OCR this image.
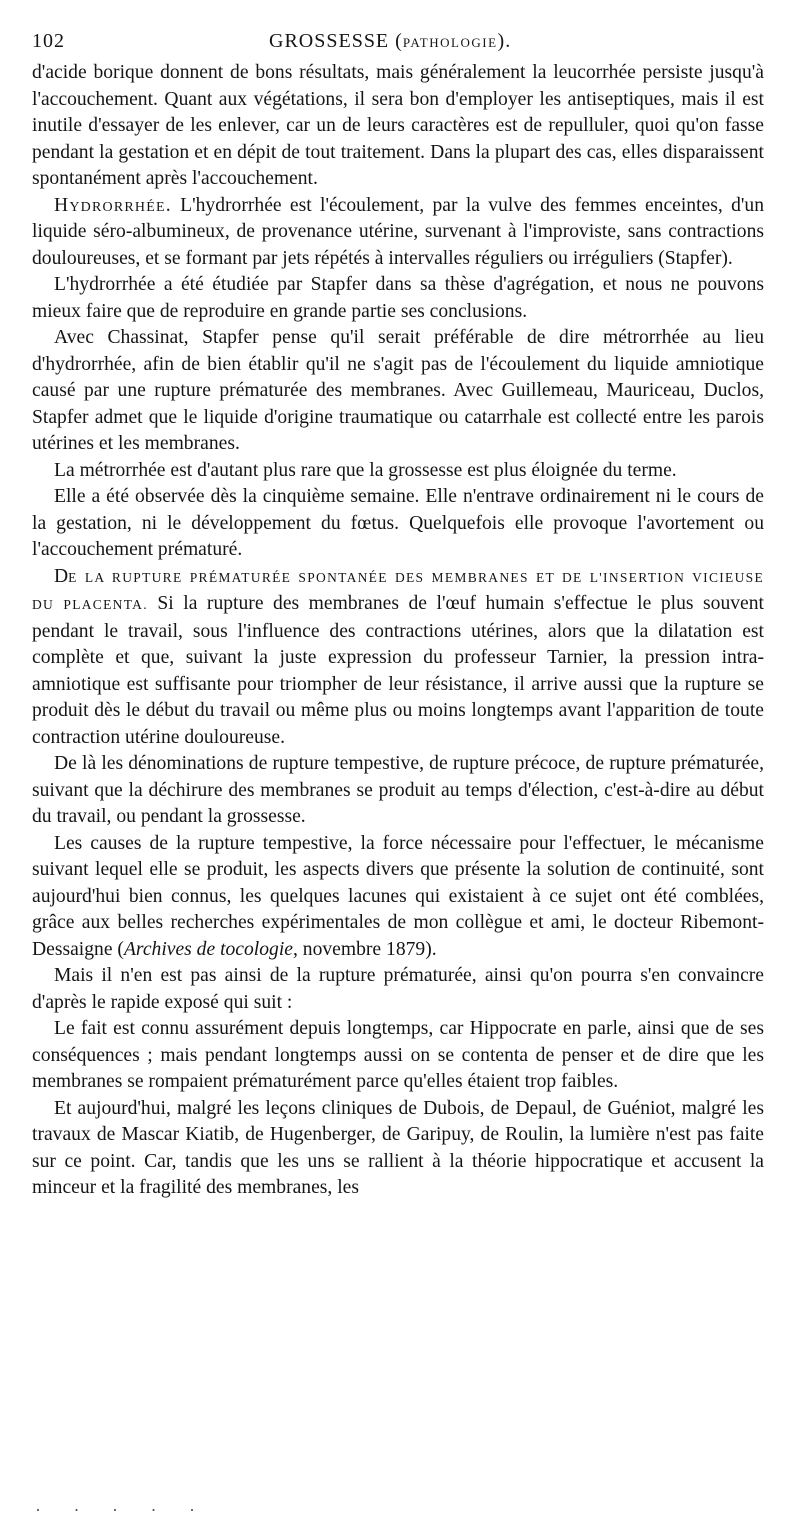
102	GROSSESSE (PATHOLOGIE).

d'acide borique donnent de bons résultats, mais généralement la leucorrhée persiste jusqu'à l'accouchement. Quant aux végétations, il sera bon d'employer les antiseptiques, mais il est inutile d'essayer de les enlever, car un de leurs caractères est de repulluler, quoi qu'on fasse pendant la gestation et en dépit de tout traitement. Dans la plupart des cas, elles disparaissent spontanément après l'accouchement.

Hydrorrhée. L'hydrorrhée est l'écoulement, par la vulve des femmes enceintes, d'un liquide séro-albumineux, de provenance utérine, survenant à l'improviste, sans contractions douloureuses, et se formant par jets répétés à intervalles réguliers ou irréguliers (Stapfer).

L'hydrorrhée a été étudiée par Stapfer dans sa thèse d'agrégation, et nous ne pouvons mieux faire que de reproduire en grande partie ses conclusions.

Avec Chassinat, Stapfer pense qu'il serait préférable de dire métrorrhée au lieu d'hydrorrhée, afin de bien établir qu'il ne s'agit pas de l'écoulement du liquide amniotique causé par une rupture prématurée des membranes. Avec Guillemeau, Mauriceau, Duclos, Stapfer admet que le liquide d'origine traumatique ou catarrhale est collecté entre les parois utérines et les membranes.

La métrorrhée est d'autant plus rare que la grossesse est plus éloignée du terme.

Elle a été observée dès la cinquième semaine. Elle n'entrave ordinairement ni le cours de la gestation, ni le développement du fœtus. Quelquefois elle provoque l'avortement ou l'accouchement prématuré.

DE LA RUPTURE PRÉMATURÉE SPONTANÉE DES MEMBRANES ET DE L'INSERTION VICIEUSE DU PLACENTA. Si la rupture des membranes de l'œuf humain s'effectue le plus souvent pendant le travail, sous l'influence des contractions utérines, alors que la dilatation est complète et que, suivant la juste expression du professeur Tarnier, la pression intra-amniotique est suffisante pour triompher de leur résistance, il arrive aussi que la rupture se produit dès le début du travail ou même plus ou moins longtemps avant l'apparition de toute contraction utérine douloureuse.

De là les dénominations de rupture tempestive, de rupture précoce, de rupture prématurée, suivant que la déchirure des membranes se produit au temps d'élection, c'est-à-dire au début du travail, ou pendant la grossesse.

Les causes de la rupture tempestive, la force nécessaire pour l'effectuer, le mécanisme suivant lequel elle se produit, les aspects divers que présente la solution de continuité, sont aujourd'hui bien connus, les quelques lacunes qui existaient à ce sujet ont été comblées, grâce aux belles recherches expérimentales de mon collègue et ami, le docteur Ribemont-Dessaigne (Archives de tocologie, novembre 1879).

Mais il n'en est pas ainsi de la rupture prématurée, ainsi qu'on pourra s'en convaincre d'après le rapide exposé qui suit :

Le fait est connu assurément depuis longtemps, car Hippocrate en parle, ainsi que de ses conséquences ; mais pendant longtemps aussi on se contenta de penser et de dire que les membranes se rompaient prématurément parce qu'elles étaient trop faibles.

Et aujourd'hui, malgré les leçons cliniques de Dubois, de Depaul, de Guéniot, malgré les travaux de Mascar Kiatib, de Hugenberger, de Garipuy, de Roulin, la lumière n'est pas faite sur ce point. Car, tandis que les uns se rallient à la théorie hippocratique et accusent la minceur et la fragilité des membranes, les

· · · · ·
